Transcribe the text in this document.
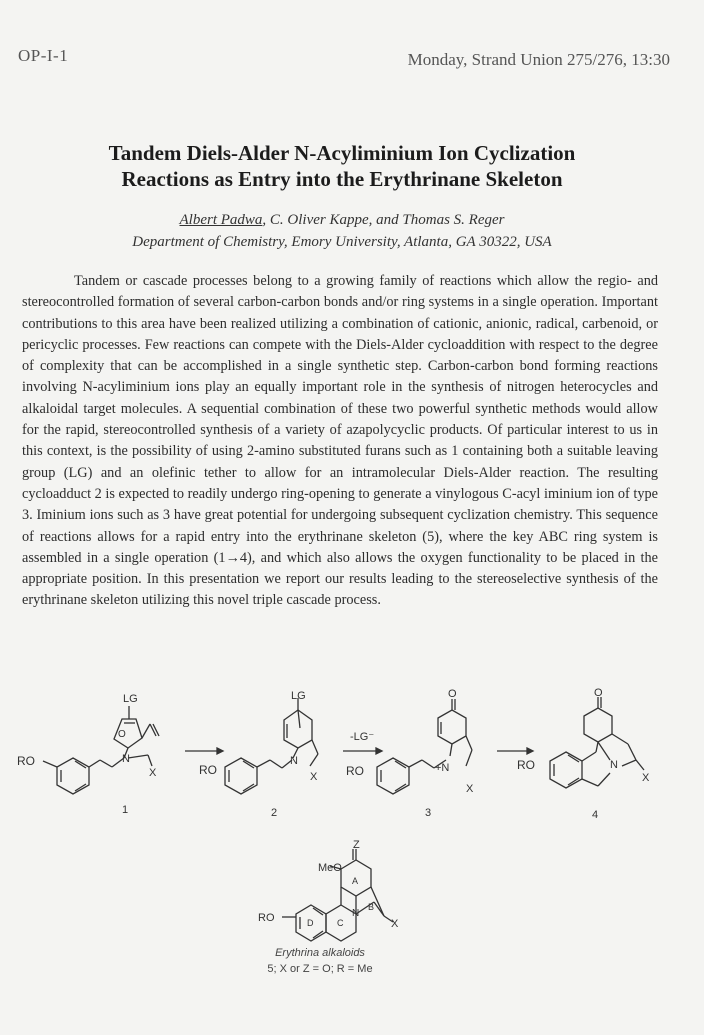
OP-I-1	Monday, Strand Union 275/276, 13:30
Tandem Diels-Alder N-Acyliminium Ion Cyclization
Reactions as Entry into the Erythrinane Skeleton
Albert Padwa, C. Oliver Kappe, and Thomas S. Reger
Department of Chemistry, Emory University, Atlanta, GA 30322, USA

Tandem or cascade processes belong to a growing family of reactions which allow the regio- and stereocontrolled formation of several carbon-carbon bonds and/or ring systems in a single operation. Important contributions to this area have been realized utilizing a combination of cationic, anionic, radical, carbenoid, or pericyclic processes. Few reactions can compete with the Diels-Alder cycloaddition with respect to the degree of complexity that can be accomplished in a single synthetic step. Carbon-carbon bond forming reactions involving N-acyliminium ions play an equally important role in the synthesis of nitrogen heterocycles and alkaloidal target molecules. A sequential combination of these two powerful synthetic methods would allow for the rapid, stereocontrolled synthesis of a variety of azapolycyclic products. Of particular interest to us in this context, is the possibility of using 2-amino substituted furans such as 1 containing both a suitable leaving group (LG) and an olefinic tether to allow for an intramolecular Diels-Alder reaction. The resulting cycloadduct 2 is expected to readily undergo ring-opening to generate a vinylogous C-acyl iminium ion of type 3. Iminium ions such as 3 have great potential for undergoing subsequent cyclization chemistry. This sequence of reactions allows for a rapid entry into the erythrinane skeleton (5), where the key ABC ring system is assembled in a single operation (1→4), and which also allows the oxygen functionality to be placed in the appropriate position. In this presentation we report our results leading to the stereoselective synthesis of the erythrinane skeleton utilizing this novel triple cascade process.

RO
LG
O
N
X
1
RO
LG
N
X
2
-LG⁻
RO
O
+N
X
3
RO
O
N
X
4
MeO
Z
RO	N
X
A
B
C
D
Erythrina alkaloids
5; X or Z = O; R = Me
